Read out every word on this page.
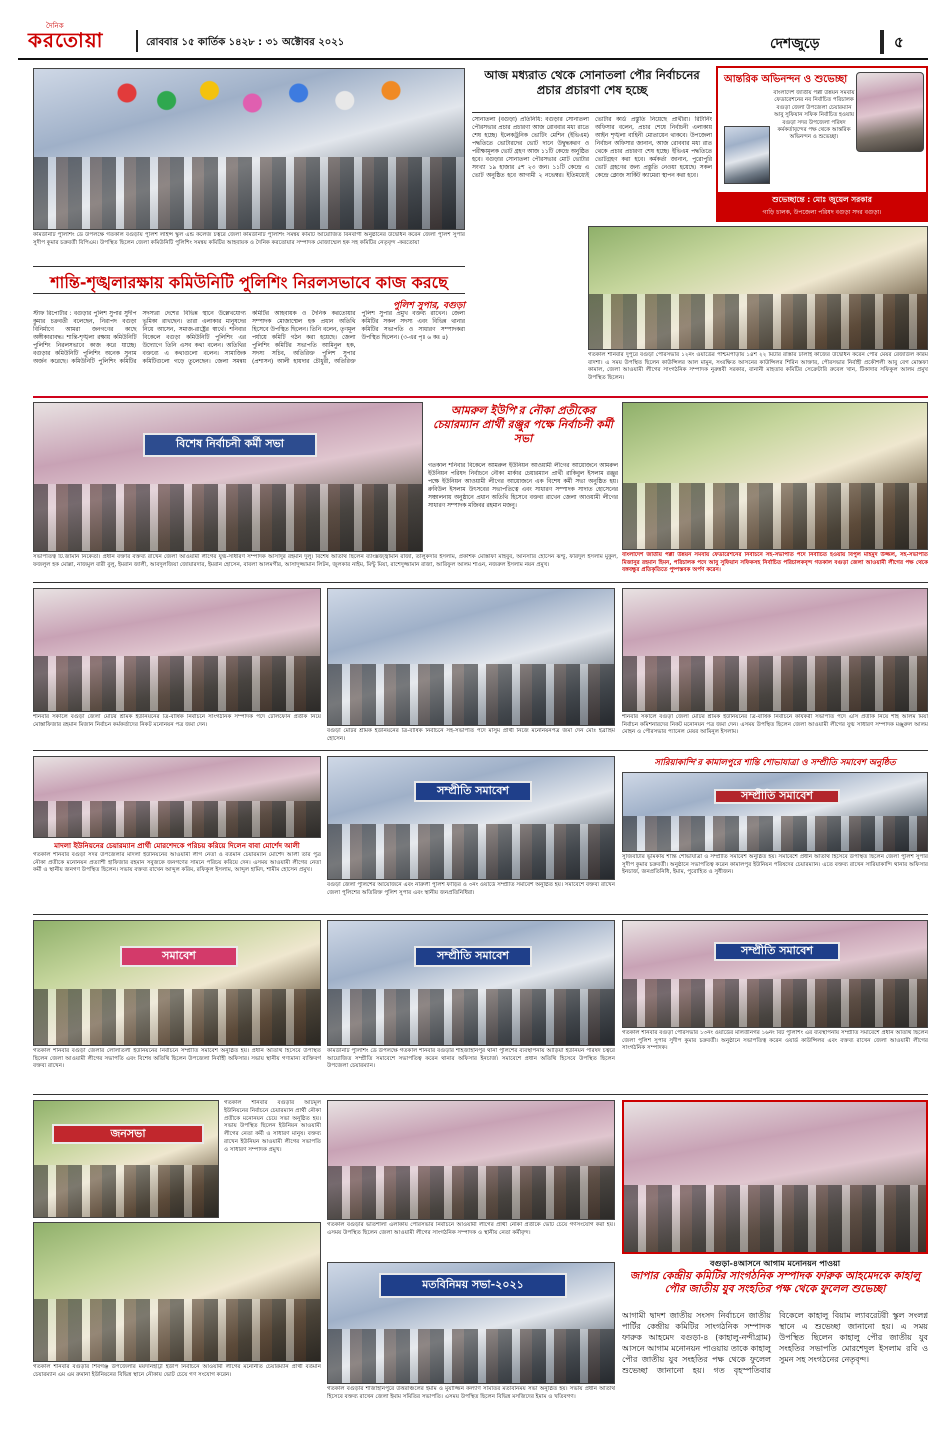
দৈনিক
করতোয়া	রোববার ১৫ কার্তিক ১৪২৮ : ৩১ অক্টোবর ২০২১	দেশজুড়ে	৫
কমিউনিটি পুলিশিং ডে উপলক্ষে গতকাল বগুড়ায় পুলিশ লাইন্স স্কুল এন্ড কলেজ চত্বরে জেলা কমিউনিটি পুলিশিং সমন্বয় কমিটি আয়োজিত বিনবাগী অনুষ্ঠানের উদ্বোধন করেন জেলা পুলিশ সুপার সুদীপ কুমার চক্রবর্তী বিপিএম। উপস্থিত ছিলেন জেলা কমিউনিটি পুলিশিং সমন্বয় কমিটির আহবায়ক ও দৈনিক করতোয়ার সম্পাদক মোজাম্মেল হক সহ কমিটির নেতৃবৃন্দ -করতোয়া
শান্তি-শৃঙ্খলারক্ষায় কমিউনিটি পুলিশিং নিরলসভাবে কাজ করছে
পুলিশ সুপার, বগুড়া
স্টাফ রিপোর্টার : বগুড়ার পুলিশ সুপার সুদীপ কুমার চক্রবর্তী বলেছেন, নিরাপদ বগুড়া বিনির্মাণে আমরা জনগণের কাছে অঙ্গীকারাবদ্ধ। শান্তি-শৃঙ্খলা রক্ষায় কমিউনিটি পুলিশিং নিরলসভাবে কাজ করে যাচ্ছে। বগুড়ার কমিউনিটি পুলিশিং অনেক সুনাম অর্জন করেছে। কমিউনিটি পুলিশিং কমিটির সদস্যরা দেশের বিভিন্ন স্থানে উল্লেখযোগ্য ভূমিকা রাখছেন। তারা এলাকার মানুষদের নিয়ে আসেন, সমাজ-রাষ্ট্রের স্বার্থে। শনিবার বিকেলে বগুড়া কমিউনিটি পুলিশিং এর উদ্যোগে তিনি এসব কথা বলেন। অতিথির বক্তব্যে এ কথাগুলো বলেন। সামাজিক কমিটিগুলো গড়ে তুলেছেন। জেলা সমন্বয় কমিটির আহবায়ক ও দৈনিক করতোয়ার সম্পাদক মোজাম্মেল হক প্রধান অতিথি হিসেবে উপস্থিত ছিলেন। তিনি বলেন, তৃণমূল পর্যায়ে কমিটি গঠন করা হয়েছে। জেলা পুলিশিং কমিটির সভাপতি আমিনুল হক, সদস্য সচিব, অতিরিক্ত পুলিশ সুপার (প্রশাসন) আলী হায়দার চৌধুরী, অতিরিক্ত পুলিশ সুপার প্রমুখ বক্তব্য রাখেন। জেলা কমিটির সকল সদস্য এবং বিভিন্ন থানার কমিটির সভাপতি ও সাধারণ সম্পাদকরা উপস্থিত ছিলেন। (৩-এর পৃঃ ৬ কঃ ৪)
আজ মধ্যরাত থেকে সোনাতলা পৌর নির্বাচনের প্রচার প্রচারণা শেষ হচ্ছে
সোনাতলা (বগুড়া) প্রতিনিধি: বগুড়ার সোনাতলা পৌরসভার প্রচার প্রচারণা আজ রোববার মধ্য রাতে শেষ হচ্ছে। ইলেকট্রনিক ভোটিং মেশিন (ইভিএম) পদ্ধতিতে ভোটারদের ভোট দানে উদ্বুদ্ধকরণ ও পরীক্ষামূলক ভোট গ্রহণ আজ ১১টি কেন্দ্রে অনুষ্ঠিত হবে। বগুড়ার সোনাতলা পৌরসভার মোট ভোটার সংখ্যা ১৯ হাজার ৫শ ২৩ জন। ১১টি কেন্দ্রে এ ভোট অনুষ্ঠিত হবে আগামী ২ নভেম্বর। ইতিমধ্যেই ভোটার কার্ড প্রস্তুতি নিয়েছে প্রার্থীরা। রিটার্নিং অফিসার বলেন, প্রচার শেষে নির্বাচনী এলাকায় আইন শৃঙ্খলা বাহিনী মোতায়েন থাকবে। উপজেলা নির্বাচন অফিসার জানান, আজ রোববার মধ্য রাত থেকে প্রচার প্রচারণা শেষ হচ্ছে। ইভিএম পদ্ধতিতে ভোটগ্রহণ করা হবে। কর্মকর্তা জানান, পুরোপুরি ভোট গ্রহণের জন্য প্রস্তুতি নেওয়া হয়েছে। সকল কেন্দ্রে ক্লোজ সার্কিট ক্যামেরা স্থাপন করা হবে।
আন্তরিক অভিনন্দন ও শুভেচ্ছা
বাংলাদেশ জাতীয় পল্লী উন্নয়ন সমবায় ফেডারেশনের নব নির্বাচিত পরিচালক বগুড়া জেলা উপজেলা চেয়ারম্যান আবু সুফিয়ান সফিক নির্বাচিত হওয়ায় বগুড়া সদর উপজেলা পরিষদ কর্মকর্তাবৃন্দের পক্ষ থেকে আন্তরিক অভিনন্দন ও শুভেচ্ছা।
শুভেচ্ছান্তে : মোঃ জুয়েল সরকার
গাড়ি চালক, উপজেলা পরিষদ বগুড়া সদর বগুড়া।
গতকাল শনিবার দুপুরে বগুড়া পৌরসভার ১২নং ওয়ার্ডের পশ্চিমপাড়ায় ১৪শ ২২ মিটার রাস্তার ঢালাই কাজের উদ্বোধন করেন পৌর মেয়র রেজাউল করিম বাদশা। এ সময় উপস্থিত ছিলেন কাউন্সিলর আল মামুন, সংরক্ষিত আসনের কাউন্সিলর শিরিন আক্তার, পৌরসভার নির্বাহী প্রকৌশলী আবু বেগ মোস্তফা কামাল, জেলা আওয়ামী লীগের সাংগঠনিক সম্পাদক নুরুন্নবী সরকার, বানানী মাহতাব কমিটির সেক্রেটারি রুবেল খান, টিকাদার সফিকুল আলম প্রমুখ উপস্থিত ছিলেন।
বিশেষ নির্বাচনী কর্মী সভা
আমরুল ইউপি'র নৌকা প্রতীকের চেয়ারম্যান প্রার্থী রঞ্জুর পক্ষে নির্বাচনী কর্মী সভা
গতকাল শনিবার বিকেলে আমরুল ইউনিয়ন আওয়ামী লীগের আয়োজনে আমরুল ইউনিয়ন পরিষদ নির্বাচনে নৌকা মার্কার চেয়ারম্যান প্রার্থী রাকিবুল ইসলাম রঞ্জুর পক্ষে ইউনিয়ন আওয়ামী লীগের আয়োজনে এক বিশেষ কর্মী সভা অনুষ্ঠিত হয়। রুবিউল ইসলাম উৎসবের সভাপতিত্বে এবং সাধারণ সম্পাদক সাদাত হোসেনের সঞ্চালনায় অনুষ্ঠানে প্রধান অতিথি হিসেবে বক্তব্য রাখেন জেলা আওয়ামী লীগের সাধারণ সম্পাদক মজিবর রহমান মজনু।
সভাপতিত্ব টি.জামান নিকেতা। প্রধান বক্তার বক্তব্য রাখেন জেলা আওয়ামী লীগের যুগ্ম-সাধারণ সম্পাদক আসাদুর রহমান দুলু। বিশেষ অতিথি ছিলেন ব্যাংক্সজ্জ্বামান রাজা, তালুকদার ইসলাম, প্রকাশক মোস্তাফা মাহবুব, আনসারি হোসেন ঝণ্টু, ফরিদুল ইসলাম মুকুল, ফজলুল হক মোল্লা, নাজমুল বারী বুলু, ইমরান জালী, আবদুলজিয়া জোয়ারদার, ইমরান হোসেন, বাবলা আলমগীর, আসাদুজ্জামান লিটন, জুলকার নাইম, মিন্টু মিয়া, রাশেদুজ্জামান রাজা, আরিফুল আলম শাওন, নজরুল ইসলাম নয়ন প্রমুখ।
বাংলাদেশ জাতীয় পল্লী উন্নয়ন সমবায় ফেডারেশনের নির্বাচনে সহ-সভাপতি পদে নির্বাচিত হওয়ায় বিপুল মাহমুদ উজ্জল, সহ-সভাপতি মিজানুর রহমান হিমন, পরিচালক পদে আবু সুফিয়ান সফিকসহ নির্বাচিত পরিচালকবৃন্দ গতকাল বগুড়া জেলা আওয়ামী লীগের পক্ষ থেকে বঙ্গবন্ধুর প্রতিকৃতিতে পুষ্পস্তবক অর্পণ করেন।
শনিবার সকালে বগুড়া জেলা মোটর শ্রমিক ইউনিয়নের ত্রি-বার্ষিক নির্বাচনে সাংগঠনিক সম্পাদক পদে টেলিফোন প্রতীক নিয়ে মোস্তাফিজার রহমান মিজান নির্বাচন কর্মকর্তাদের নিকট মনোনয়ন পত্র জমা দেন।
বগুড়া মোটর শ্রমিক ইউনিয়নের ত্রি-বার্ষিক নির্বাচনে সহ-সভাপতি পদে মাসুম প্রার্থী নিজে মনোনয়নপত্র জমা দেন মোঃ ইব্রাহিম হোসেন।
শনিবার সকালে বগুড়া জেলা মোটর শ্রমিক ইউনিয়নের ত্রি-বার্ষিক নির্বাচনে কার্যকরী সভাপতি পদে এসি প্রতীক নিয়ে শাহ আলম মিয়া নির্বাচন কমিশনারদের নিকট মনোনয়ন পত্র জমা দেন। এসময় উপস্থিত ছিলেন জেলা আওয়ামী লীগের যুগ্ম সাধারণ সম্পাদক মঞ্জুরুল আলম মোহন ও পৌরসভার প্যানেল মেয়র আমিনুল ইসলাম।
মাদলা ইউনিয়নের চেয়ারম্যান প্রার্থী মোরশেদকে পরিচয় করিয়ে দিলেন বাবা মোর্শেদ আলী
গতকাল শনিবার বগুড়া সদর উপজেলার মাদলা ইউনিয়নের আওয়ামী লীগ নেতা ও বর্তমান চেয়ারম্যান মোর্শেদ আলী তার পুত্র নৌকা প্রতীকে মনোনয়ন প্রত্যাশী হাফিজার রহমান সবুজকে জনগণের সামনে পরিচয় করিয়ে দেন। এসময় আওয়ামী লীগের নেতা কর্মী ও স্থানীয় জনগণ উপস্থিত ছিলেন। সভায় বক্তব্য রাখেন আব্দুল করিম, রফিকুল ইসলাম, আব্দুল হামিদ, শামীম হোসেন প্রমুখ।
সম্প্রীতি সমাবেশ
বগুড়া জেলা পুলিশের আয়োজনে এবং নারুলী পুলিশ ফাঁড়ির ও ৩নং ওয়ার্ডে সম্প্রীতি সমাবেশ অনুষ্ঠিত হয়। সমাবেশে বক্তব্য রাখেন জেলা পুলিশের অতিরিক্ত পুলিশ সুপার এবং স্থানীয় জনপ্রতিনিধিরা।
সারিয়াকান্দি'র কামালপুরে শান্তি শোভাযাত্রা ও সম্প্রীতি সমাবেশ অনুষ্ঠিত
সম্প্রীতি সমাবেশ
সুজিবাটার ভূমিকায় শান্তি শোভাযাত্রা ও সম্প্রীতি সমাবেশ অনুষ্ঠিত হয়। সমাবেশে প্রধান অতিথি হিসেবে উপস্থিত ছিলেন জেলা পুলিশ সুপার সুদীপ কুমার চক্রবর্তী। অনুষ্ঠানে সভাপতিত্ব করেন কামালপুর ইউনিয়ন পরিষদের চেয়ারম্যান। এতে বক্তব্য রাখেন সারিয়াকান্দি থানার অফিসার ইনচার্জ, জনপ্রতিনিধি, ইমাম, পুরোহিত ও সুধীজন।
সমাবেশ
গতকাল শনিবার বগুড়া জেলার লোলাতলী ইউনিয়নের নির্বাচনে সম্প্রীতি সমাবেশ অনুষ্ঠিত হয়। প্রধান অতিথি হিসেবে উপস্থিত ছিলেন জেলা আওয়ামী লীগের সভাপতি এবং বিশেষ অতিথি ছিলেন উপজেলা নির্বাহী অফিসার। সভায় স্থানীয় গণ্যমান্য ব্যক্তিবর্গ বক্তব্য রাখেন।
সম্প্রীতি সমাবেশ
কমিউনিটি পুলিশিং ডে উপলক্ষে গতকাল শনিবার বগুড়ার শাহজাহানপুর থানা পুলিশের ব্যবস্থাপনায় আড়িয়া ইউনিয়ন পরিষদ চত্বরে আয়োজিত সম্প্রীতি সমাবেশে সভাপতিত্ব করেন থানার অফিসার ইনচার্জ। সমাবেশে প্রধান অতিথি হিসেবে উপস্থিত ছিলেন উপজেলা চেয়ারম্যান।
সম্প্রীতি সমাবেশ
গতকাল শনিবার বগুড়া পৌরসভার ১৩নং ওয়ার্ডের মালতীনগর ১৬নং বিট পুলিশিং এর ব্যবস্থাপনায় সম্প্রীতি সমাবেশে প্রধান অতিথি ছিলেন জেলা পুলিশ সুপার সুদীপ কুমার চক্রবর্তী। অনুষ্ঠানে সভাপতিত্ব করেন ওয়ার্ড কাউন্সিলর এবং বক্তব্য রাখেন জেলা আওয়ামী লীগের সাংগঠনিক সম্পাদক।
জনসভা
গতকাল শনিবার বগুড়ার আটমূল ইউনিয়নের নির্বাচনে চেয়ারম্যান প্রার্থী নৌকা প্রতীকে মনোনয়ন চেয়ে সভা অনুষ্ঠিত হয়। সভায় উপস্থিত ছিলেন ইউনিয়ন আওয়ামী লীগের নেতা কর্মী ও সাধারণ মানুষ। বক্তব্য রাখেন ইউনিয়ন আওয়ামী লীগের সভাপতি ও সাধারণ সম্পাদক প্রমুখ।
গতকাল শনিবার বগুড়ার শিবগঞ্জ উপজেলার ময়দানহাট্টা ইউপি নির্বাচনে আওয়ামী লীগের মনোনীত চেয়ারম্যান প্রার্থী বর্তমান চেয়ারম্যান এম এম রুমানা ইউনিয়নের বিভিন্ন স্থানে নৌকায় ভোট চেয়ে গণ সংযোগ করেন।
গতকাল বগুড়ার ভাতশালা এলাকায় পৌরসভার নির্বাচনে আওয়ামী লীগের প্রার্থী নৌকা প্রতীকে ভোট চেয়ে গণসংযোগ করা হয়। এসময় উপস্থিত ছিলেন জেলা আওয়ামী লীগের সাংগঠনিক সম্পাদক ও স্থানীয় নেতা কর্মীবৃন্দ।
মতবিনিময় সভা-২০২১
গতকাল বগুড়ার শাজাহানপুরে উত্তরাঞ্চলের ইমাম ও মুয়াজ্জিন কল্যাণ সমিতির মতবিনিময় সভা অনুষ্ঠিত হয়। সভায় প্রধান অতিথি হিসেবে বক্তব্য রাখেন জেলা ইমাম সমিতির সভাপতি। এসময় উপস্থিত ছিলেন বিভিন্ন মসজিদের ইমাম ও খতিবগণ।
বগুড়া-৪আসনে আগাম মনোনয়ন পাওয়া
জাপার কেন্দ্রীয় কমিটির সাংগঠনিক সম্পাদক ফারুক আহমেদকে কাহালু পৌর জাতীয় যুব সংহতির পক্ষ থেকে ফুলেল শুভেচ্ছা
আগামী দ্বাদশ জাতীয় সংসদ নির্বাচনে জাতীয় পার্টির কেন্দ্রীয় কমিটির সাংগঠনিক সম্পাদক ফারুক আহমেদ বগুড়া-৪ (কাহালু-নন্দীগ্রাম) আসনে আগাম মনোনয়ন পাওয়ায় তাকে কাহালু পৌর জাতীয় যুব সংহতির পক্ষ থেকে ফুলেল শুভেচ্ছা জানানো হয়। গত বৃহস্পতিবার বিকেলে কাহালু বিয়াম ল্যাবরেটরী স্কুল সংলগ্ন স্থানে এ শুভেচ্ছা জানানো হয়। এ সময় উপস্থিত ছিলেন কাহালু পৌর জাতীয় যুব সংহতির সভাপতি মোরশেদুল ইসলাম রবি ও সুমন সহ সংগঠনের নেতৃবৃন্দ।
